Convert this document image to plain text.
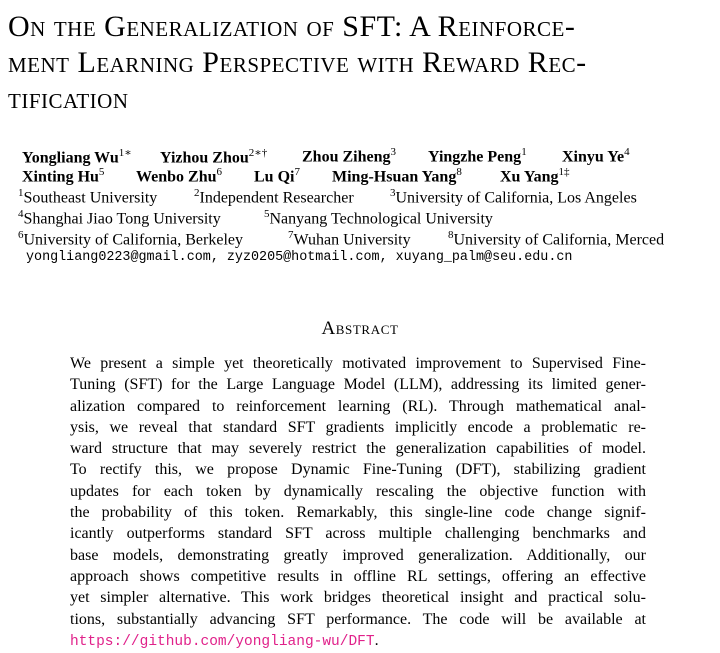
On the Generalization of SFT: A Reinforce-
ment Learning Perspective with Reward Rec-
tification
Yongliang $Wu^{1∗}$ Yizhou Zhou$^{2∗\dagger}$ Zhou Ziheng$^3$ Yingzhe Peng$^1$ Xinyu Ye$^4$
Xinting Hu$^5$ Wenbo Zhu$^6$ Lu Qi$^7$ Ming-Hsuan Yang$^8$ Xu Yang$^{1\ddagger}$
$^1$Southeast University	$^2$Independent Researcher	$^3$University of California, Los Angeles
$^4$Shanghai Jiao Tong University	$^5$Nanyang Technological University
$^6$University of California, Berkeley	$^7$Wuhan University	$^8$University of California, Merced
yongliang0223@gmail.com, zyz0205@hotmail.com, xuyang_palm@seu.edu.cn
Abstract
We present a simple yet theoretically motivated improvement to Supervised Fine-
Tuning (SFT) for the Large Language Model (LLM), addressing its limited gener-
alization compared to reinforcement learning (RL). Through mathematical anal-
ysis, we reveal that standard SFT gradients implicitly encode a problematic re-
ward structure that may severely restrict the generalization capabilities of model.
To rectify this, we propose Dynamic Fine-Tuning (DFT), stabilizing gradient
updates for each token by dynamically rescaling the objective function with
the probability of this token. Remarkably, this single-line code change signif-
icantly outperforms standard SFT across multiple challenging benchmarks and
base models, demonstrating greatly improved generalization. Additionally, our
approach shows competitive results in offline RL settings, offering an effective
yet simpler alternative. This work bridges theoretical insight and practical solu-
tions, substantially advancing SFT performance. The code will be available at
https://github.com/yongliang-wu/DFT.
